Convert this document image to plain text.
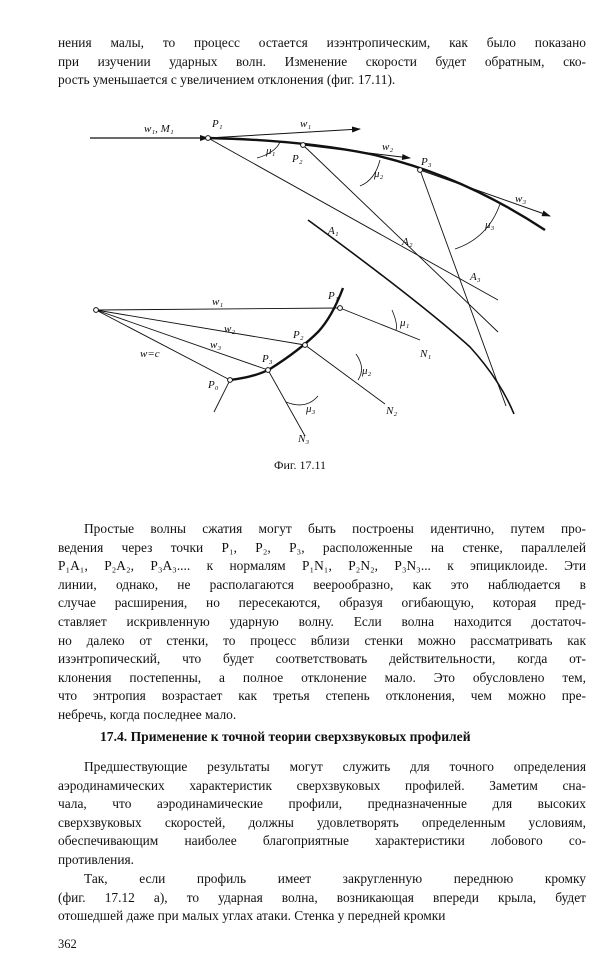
нения малы, то процесс остается изэнтропическим, как было показано
при изучении ударных волн. Изменение скорости будет обратным, ско-
рость уменьшается с увеличением отклонения (фиг. 17.11).

w₁, M₁	P₁	w₁
μ₁
P₂
w₂
μ₂
P₃
w₃
μ₃
A₁
A₂
A₃
w₁
w₂
w₃
w=c
P₁
P₂
P₃
P₀
μ₁
μ₂
μ₃
N₁
N₂
N₃
Фиг. 17.11

Простые волны сжатия могут быть построены идентично, путем про-
ведения через точки P₁, P₂, P₃, расположенные на стенке, параллелей
P₁A₁, P₂A₂, P₃A₃.... к нормалям P₁N₁, P₂N₂, P₃N₃... к эпициклоиде. Эти
линии, однако, не располагаются веерообразно, как это наблюдается в
случае расширения, но пересекаются, образуя огибающую, которая пред-
ставляет искривленную ударную волну. Если волна находится достаточ-
но далеко от стенки, то процесс вблизи стенки можно рассматривать как
изэнтропический, что будет соответствовать действительности, когда от-
клонения постепенны, а полное отклонение мало. Это обусловлено тем,
что энтропия возрастает как третья степень отклонения, чем можно пре-
небречь, когда последнее мало.

17.4. Применение к точной теории сверхзвуковых профилей

Предшествующие результаты могут служить для точного определения
аэродинамических характеристик сверхзвуковых профилей. Заметим сна-
чала, что аэродинамические профили, предназначенные для высоких
сверхзвуковых скоростей, должны удовлетворять определенным условиям,
обеспечивающим наиболее благоприятные характеристики лобового со-
противления.

Так, если профиль имеет закругленную переднюю кромку
(фиг. 17.12 а), то ударная волна, возникающая впереди крыла, будет
отошедшей даже при малых углах атаки. Стенка у передней кромки

362
